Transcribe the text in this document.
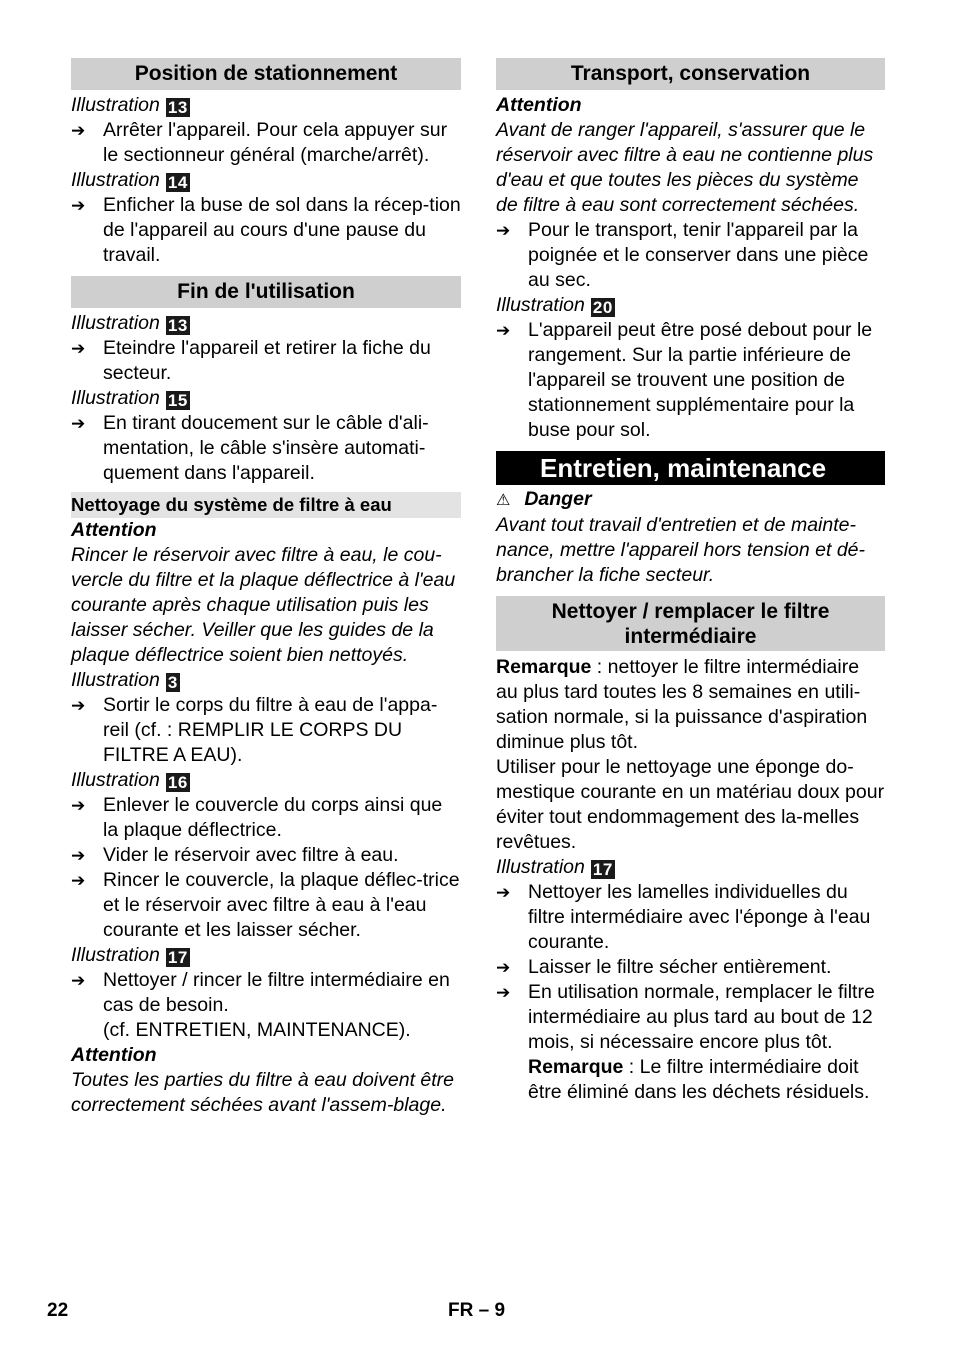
Position de stationnement
Illustration 13
➔ Arrêter l'appareil. Pour cela appuyer sur le sectionneur général (marche/arrêt).
Illustration 14
➔ Enficher la buse de sol dans la récep-tion de l'appareil au cours d'une pause du travail.
Fin de l'utilisation
Illustration 13
➔ Eteindre l'appareil et retirer la fiche du secteur.
Illustration 15
➔ En tirant doucement sur le câble d'ali-mentation, le câble s'insère automati-quement dans l'appareil.
Nettoyage du système de filtre à eau
Attention
Rincer le réservoir avec filtre à eau, le cou-vercle du filtre et la plaque déflectrice à l'eau courante après chaque utilisation puis les laisser sécher. Veiller que les guides de la plaque déflectrice soient bien nettoyés.
Illustration 3
➔ Sortir le corps du filtre à eau de l'appa-reil (cf. : REMPLIR LE CORPS DU FILTRE A EAU).
Illustration 16
➔ Enlever le couvercle du corps ainsi que la plaque déflectrice.
➔ Vider le réservoir avec filtre à eau.
➔ Rincer le couvercle, la plaque déflec-trice et le réservoir avec filtre à eau à l'eau courante et les laisser sécher.
Illustration 17
➔ Nettoyer / rincer le filtre intermédiaire en cas de besoin.
(cf. ENTRETIEN, MAINTENANCE).
Attention
Toutes les parties du filtre à eau doivent être correctement séchées avant l'assem-blage.
Transport, conservation
Attention
Avant de ranger l'appareil, s'assurer que le réservoir avec filtre à eau ne contienne plus d'eau et que toutes les pièces du système de filtre à eau sont correctement séchées.
➔ Pour le transport, tenir l'appareil par la poignée et le conserver dans une pièce au sec.
Illustration 20
➔ L'appareil peut être posé debout pour le rangement. Sur la partie inférieure de l'appareil se trouvent une position de stationnement supplémentaire pour la buse pour sol.
Entretien, maintenance
⚠ Danger
Avant tout travail d'entretien et de mainte-nance, mettre l'appareil hors tension et dé-brancher la fiche secteur.
Nettoyer / remplacer le filtre
intermédiaire
Remarque : nettoyer le filtre intermédiaire au plus tard toutes les 8 semaines en utili-sation normale, si la puissance d'aspiration diminue plus tôt.
Utiliser pour le nettoyage une éponge do-mestique courante en un matériau doux pour éviter tout endommagement des la-melles revêtues.
Illustration 17
➔ Nettoyer les lamelles individuelles du filtre intermédiaire avec l'éponge à l'eau courante.
➔ Laisser le filtre sécher entièrement.
➔ En utilisation normale, remplacer le filtre intermédiaire au plus tard au bout de 12 mois, si nécessaire encore plus tôt.
Remarque : Le filtre intermédiaire doit être éliminé dans les déchets résiduels.
22	FR – 9
